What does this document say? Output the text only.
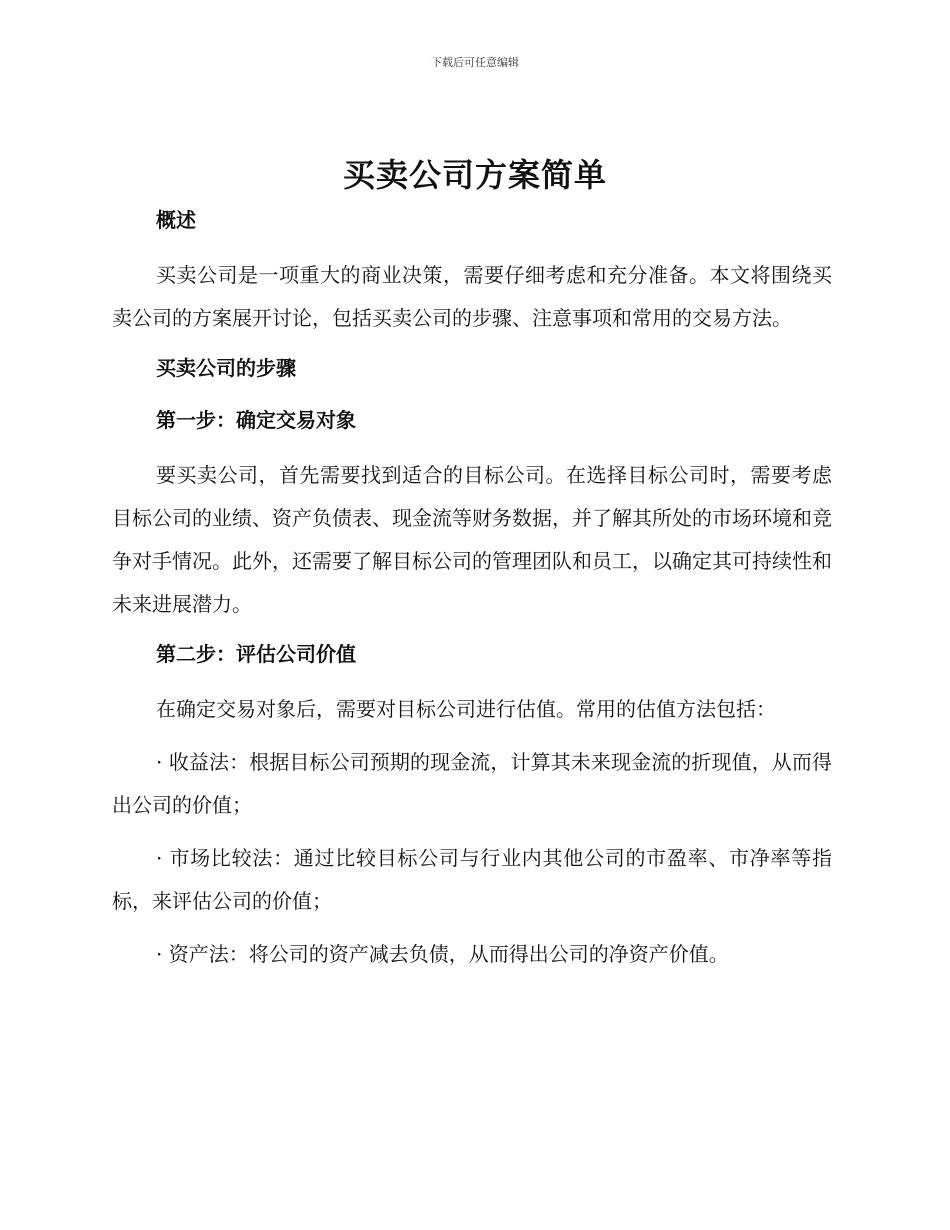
下载后可任意编辑
买卖公司方案简单
概述

买卖公司是一项重大的商业决策，需要仔细考虑和充分准备。本文将围绕买卖公司的方案展开讨论，包括买卖公司的步骤、注意事项和常用的交易方法。

买卖公司的步骤
第一步：确定交易对象

要买卖公司，首先需要找到适合的目标公司。在选择目标公司时，需要考虑目标公司的业绩、资产负债表、现金流等财务数据，并了解其所处的市场环境和竞争对手情况。此外，还需要了解目标公司的管理团队和员工，以确定其可持续性和未来进展潜力。

第二步：评估公司价值

在确定交易对象后，需要对目标公司进行估值。常用的估值方法包括：

· 收益法：根据目标公司预期的现金流，计算其未来现金流的折现值，从而得出公司的价值；

· 市场比较法：通过比较目标公司与行业内其他公司的市盈率、市净率等指标，来评估公司的价值；

· 资产法：将公司的资产减去负债，从而得出公司的净资产价值。
